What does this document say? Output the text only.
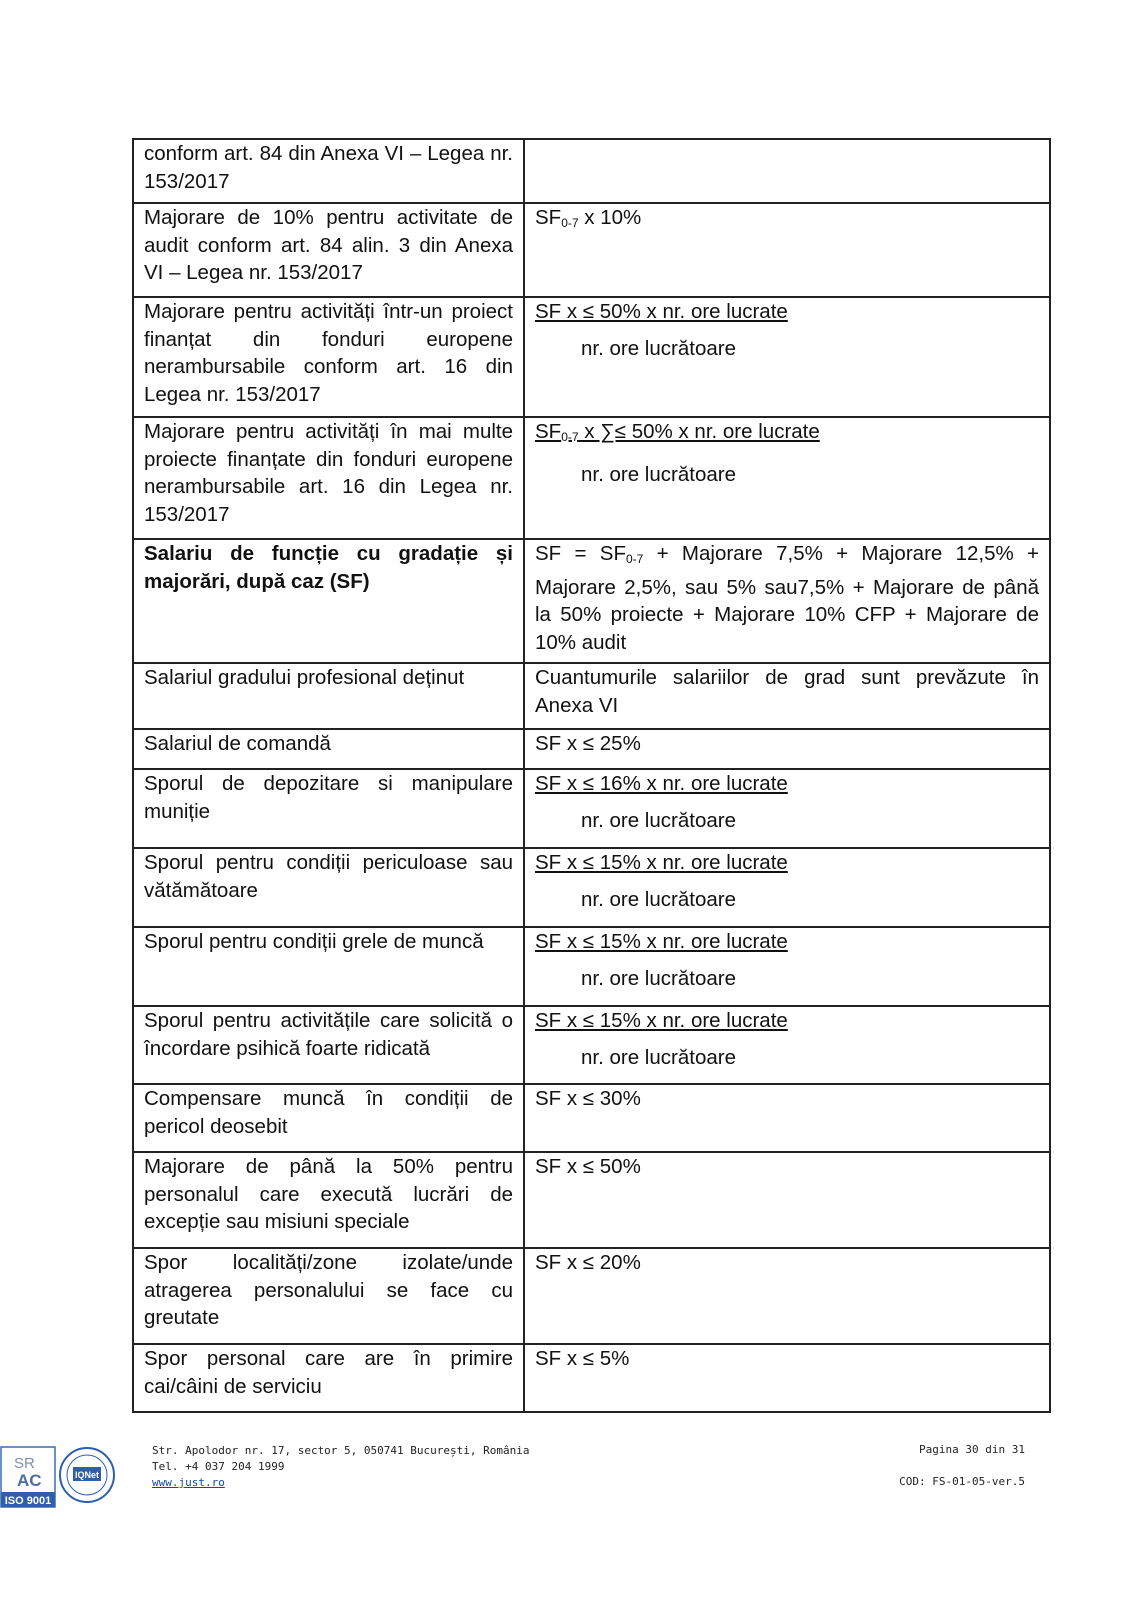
conform art. 84 din Anexa VI – Legea nr. 153/2017	
Majorare de 10% pentru activitate de audit conform art. 84 alin. 3 din Anexa VI – Legea nr. 153/2017	$SF_{0-7}$ x 10%
Majorare pentru activități într-un proiect finanțat din fonduri europene nerambursabile conform art. 16 din Legea nr. 153/2017	SF x ≤ 50% x nr. ore lucrate
nr. ore lucrătoare

Majorare pentru activități în mai multe proiecte finanțate din fonduri europene nerambursabile art. 16 din Legea nr. 153/2017	$SF_{0-7}$ x ∑≤ 50% x nr. ore lucrate
nr. ore lucrătoare

Salariu de funcție cu gradație și majorări, după caz (SF)	SF = $SF_{0-7}$ + Majorare 7,5% + Majorare 12,5% + Majorare 2,5%, sau 5% sau7,5% + Majorare de până la 50% proiecte + Majorare 10% CFP + Majorare de 10% audit
Salariul gradului profesional deținut	Cuantumurile salariilor de grad sunt prevăzute în Anexa VI
Salariul de comandă	SF x ≤ 25%
Sporul de depozitare si manipulare muniție	SF x ≤ 16% x nr. ore lucrate
nr. ore lucrătoare

Sporul pentru condiții periculoase sau vătămătoare	SF x ≤ 15% x nr. ore lucrate
nr. ore lucrătoare

Sporul pentru condiții grele de muncă	SF x ≤ 15% x nr. ore lucrate
nr. ore lucrătoare

Sporul pentru activitățile care solicită o încordare psihică foarte ridicată	SF x ≤ 15% x nr. ore lucrate
nr. ore lucrătoare

Compensare muncă în condiții de pericol deosebit	SF x ≤ 30%
Majorare de până la 50% pentru personalul care execută lucrări de excepție sau misiuni speciale	SF x ≤ 50%
Spor localități/zone izolate/unde atragerea personalului se face cu greutate	SF x ≤ 20%
Spor personal care are în primire cai/câini de serviciu	SF x ≤ 5%
SR
AC
ISO 9001
IQNet
Str. Apolodor nr. 17, sector 5, 050741 București, România
Tel. +4 037 204 1999
www.just.ro
Pagina 30 din 31
COD: FS-01-05-ver.5
